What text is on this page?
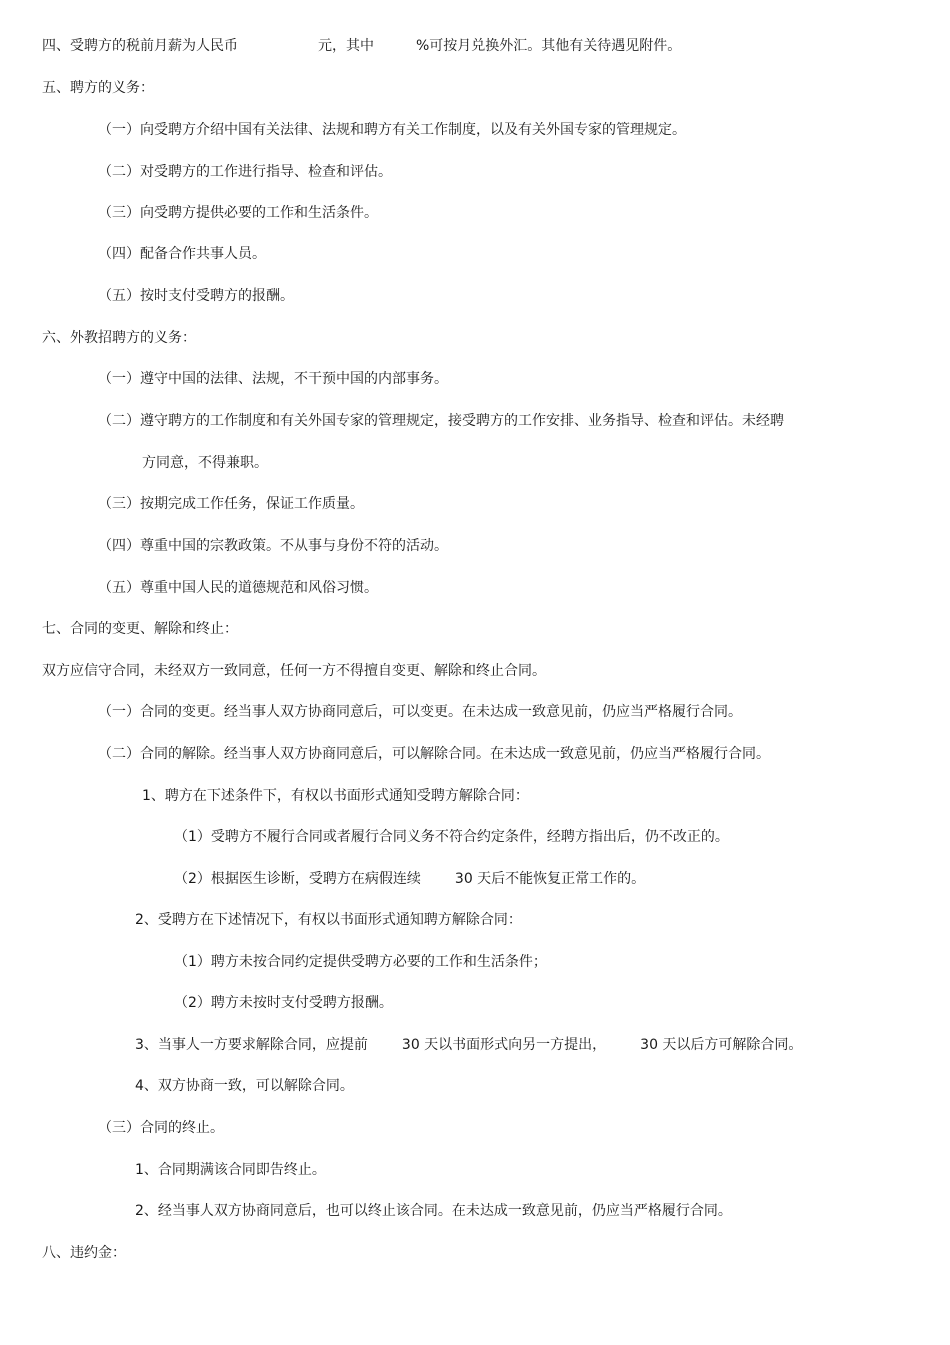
四、受聘方的税前月薪为人民币	元，其中	%可按月兑换外汇。其他有关待遇见附件。
五、聘方的义务：
（一）向受聘方介绍中国有关法律、法规和聘方有关工作制度，以及有关外国专家的管理规定。
（二）对受聘方的工作进行指导、检查和评估。
（三）向受聘方提供必要的工作和生活条件。
（四）配备合作共事人员。
（五）按时支付受聘方的报酬。
六、外教招聘方的义务：
（一）遵守中国的法律、法规，不干预中国的内部事务。
（二）遵守聘方的工作制度和有关外国专家的管理规定，接受聘方的工作安排、业务指导、检查和评估。未经聘
方同意，不得兼职。
（三）按期完成工作任务，保证工作质量。
（四）尊重中国的宗教政策。不从事与身份不符的活动。
（五）尊重中国人民的道德规范和风俗习惯。
七、合同的变更、解除和终止：
双方应信守合同，未经双方一致同意，任何一方不得擅自变更、解除和终止合同。
（一）合同的变更。经当事人双方协商同意后，可以变更。在未达成一致意见前，仍应当严格履行合同。
（二）合同的解除。经当事人双方协商同意后，可以解除合同。在未达成一致意见前，仍应当严格履行合同。
1、聘方在下述条件下，有权以书面形式通知受聘方解除合同：
（1）受聘方不履行合同或者履行合同义务不符合约定条件，经聘方指出后，仍不改正的。
（2）根据医生诊断，受聘方在病假连续 30 天后不能恢复正常工作的。
2、受聘方在下述情况下，有权以书面形式通知聘方解除合同：
（1）聘方未按合同约定提供受聘方必要的工作和生活条件；
（2）聘方未按时支付受聘方报酬。
3、当事人一方要求解除合同，应提前 30 天以书面形式向另一方提出， 30 天以后方可解除合同。
4、双方协商一致，可以解除合同。
（三）合同的终止。
1、合同期满该合同即告终止。
2、经当事人双方协商同意后，也可以终止该合同。在未达成一致意见前，仍应当严格履行合同。
八、违约金：
